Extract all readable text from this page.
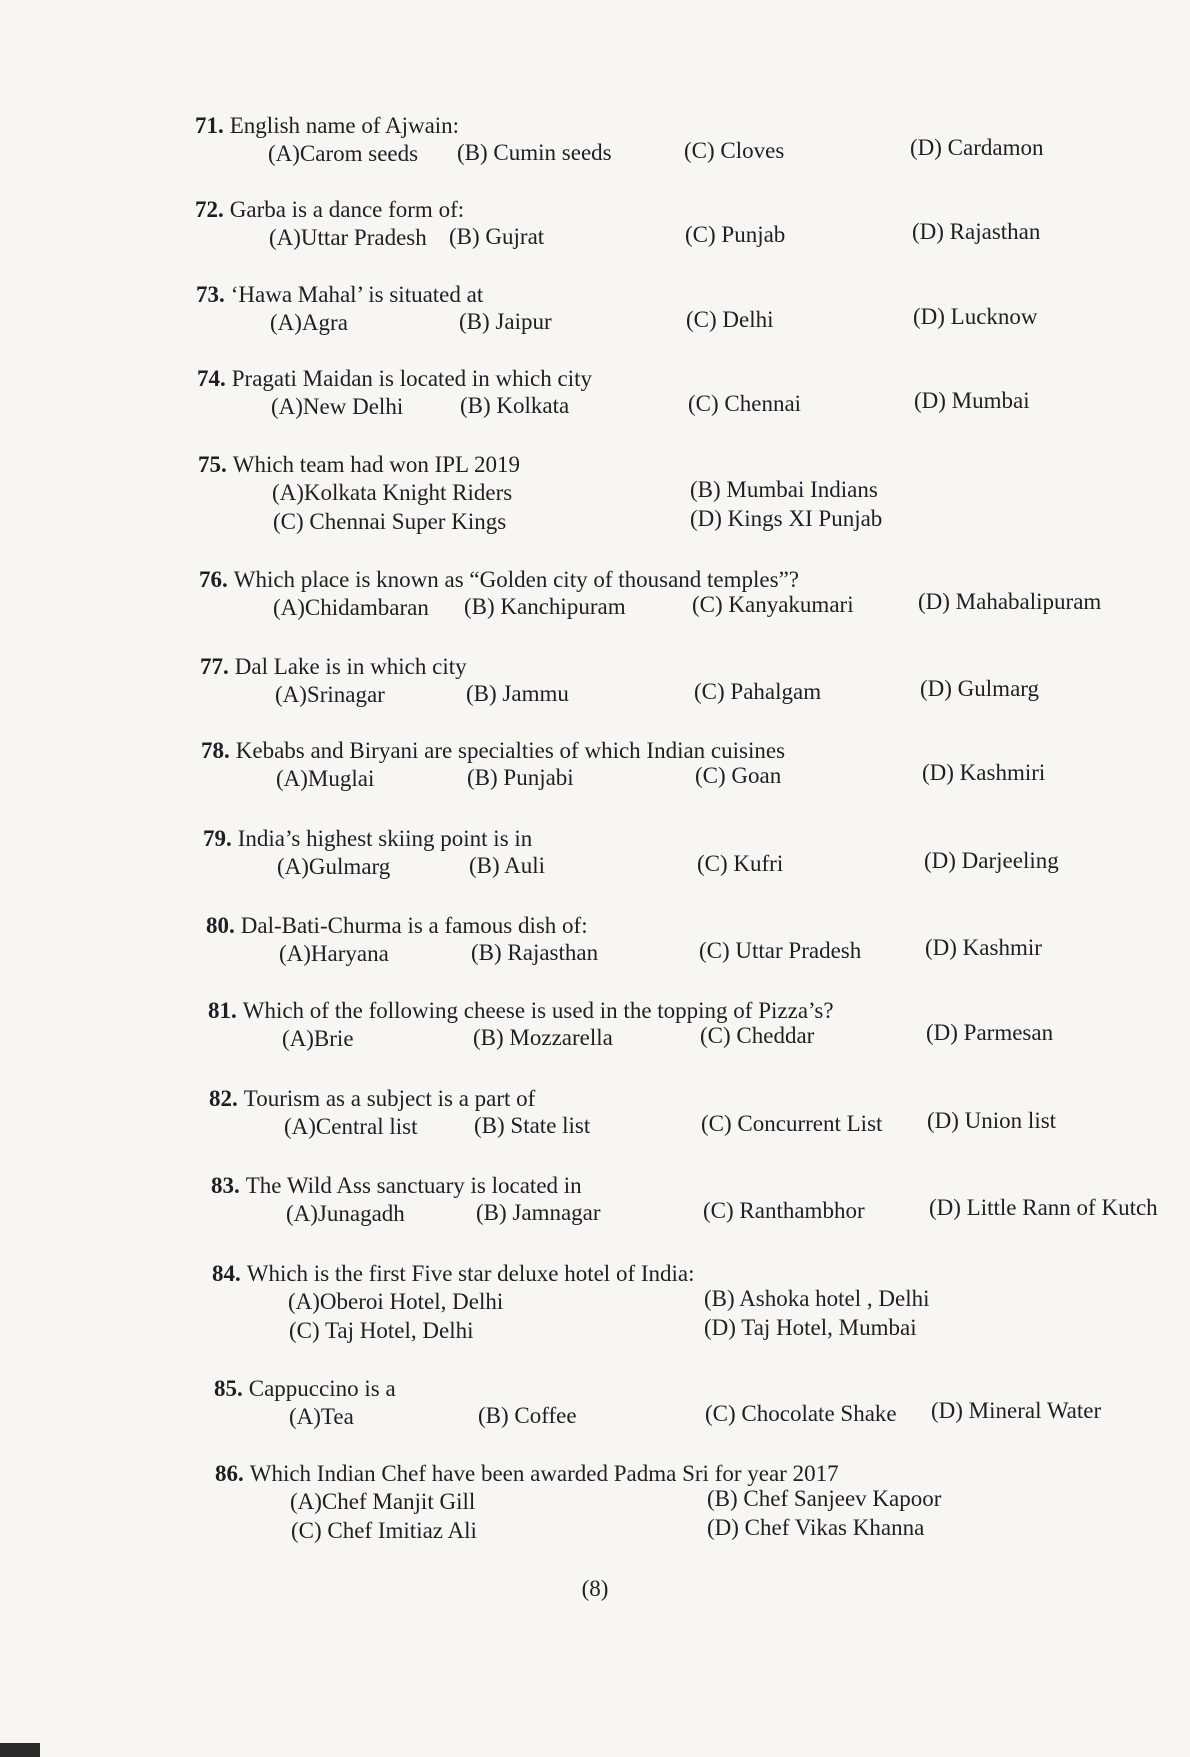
71. English name of Ajwain:
(A)Carom seeds (B) Cumin seeds	(C) Cloves	(D) Cardamon
72. Garba is a dance form of:
(A)Uttar Pradesh (B) Gujrat	(C) Punjab	(D) Rajasthan
73. ‘Hawa Mahal’ is situated at
(A)Agra	(B) Jaipur	(C) Delhi	(D) Lucknow
74. Pragati Maidan is located in which city
(A)New Delhi (B) Kolkata	(C) Chennai	(D) Mumbai
75. Which team had won IPL 2019
(A)Kolkata Knight Riders	(B) Mumbai Indians
(C) Chennai Super Kings	(D) Kings XI Punjab
76. Which place is known as “Golden city of thousand temples”?
(A)Chidambaran (B) Kanchipuram	(C) Kanyakumari	(D) Mahabalipuram
77. Dal Lake is in which city
(A)Srinagar	(B) Jammu	(C) Pahalgam	(D) Gulmarg
78. Kebabs and Biryani are specialties of which Indian cuisines
(A)Muglai	(B) Punjabi	(C) Goan	(D) Kashmiri
79. India’s highest skiing point is in
(A)Gulmarg	(B) Auli	(C) Kufri	(D) Darjeeling
80. Dal-Bati-Churma is a famous dish of:
(A)Haryana	(B) Rajasthan	(C) Uttar Pradesh	(D) Kashmir
81. Which of the following cheese is used in the topping of Pizza’s?
(A)Brie	(B) Mozzarella	(C) Cheddar	(D) Parmesan
82. Tourism as a subject is a part of
(A)Central list (B) State list	(C) Concurrent List (D) Union list
83. The Wild Ass sanctuary is located in
(A)Junagadh	(B) Jamnagar	(C) Ranthambhor	(D) Little Rann of Kutch
84. Which is the first Five star deluxe hotel of India:
(A)Oberoi Hotel, Delhi	(B) Ashoka hotel , Delhi
(C) Taj Hotel, Delhi	(D) Taj Hotel, Mumbai
85. Cappuccino is a
(A)Tea	(B) Coffee	(C) Chocolate Shake (D) Mineral Water
86. Which Indian Chef have been awarded Padma Sri for year 2017
(A)Chef Manjit Gill	(B) Chef Sanjeev Kapoor
(C) Chef Imitiaz Ali	(D) Chef Vikas Khanna
(8)
